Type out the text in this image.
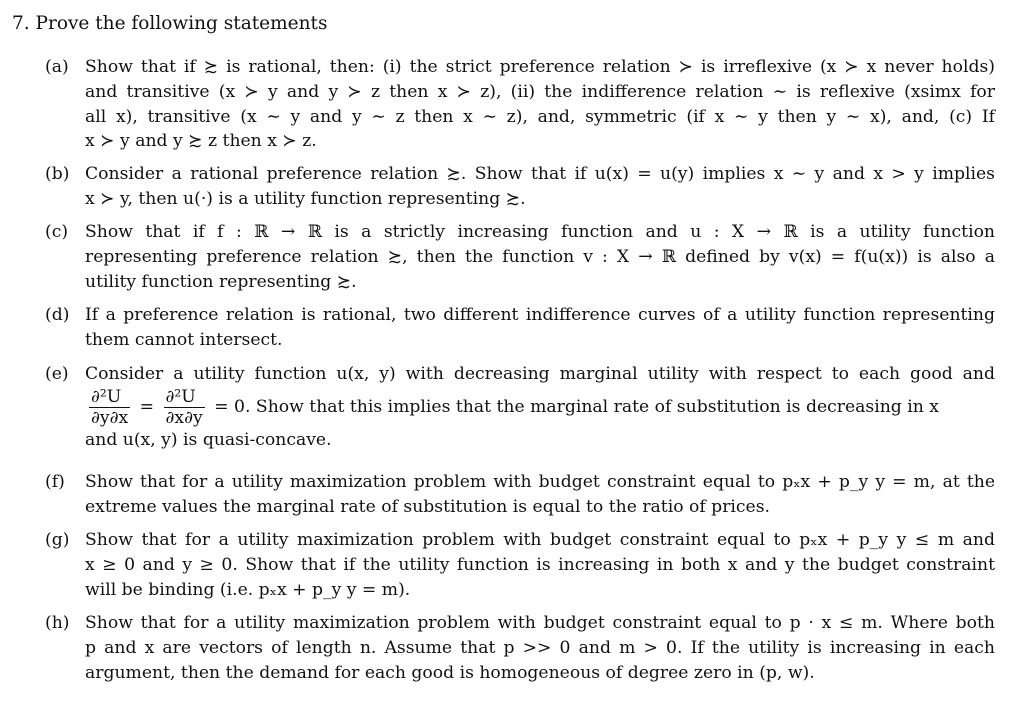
7. Prove the following statements
(a) Show that if ≿ is rational, then: (i) the strict preference relation ≻ is irreflexive (x ≻ x never holds)
and transitive (x ≻ y and y ≻ z then x ≻ z), (ii) the indifference relation ∼ is reflexive (xsimx for
all x), transitive (x ∼ y and y ∼ z then x ∼ z), and, symmetric (if x ∼ y then y ∼ x), and, (c) If
x ≻ y and y ≿ z then x ≻ z.
(b) Consider a rational preference relation ≿. Show that if u(x) = u(y) implies x ∼ y and x > y implies
x ≻ y, then u(·) is a utility function representing ≿.
(c) Show that if f : ℝ → ℝ is a strictly increasing function and u : X → ℝ is a utility function
representing preference relation ≿, then the function v : X → ℝ defined by v(x) = f(u(x)) is also a
utility function representing ≿.
(d) If a preference relation is rational, two different indifference curves of a utility function representing
them cannot intersect.
(e) Consider a utility function u(x, y) with decreasing marginal utility with respect to each good and
$\frac{\text{∂²U}}{\partial y\partial x} = \frac{\text{∂²U}}{\partial x\partial y} = 0$. Show that this implies that the marginal rate of substitution is decreasing in x
and u(x, y) is quasi-concave.
(f) Show that for a utility maximization problem with budget constraint equal to pₓx + p_y y = m, at the
extreme values the marginal rate of substitution is equal to the ratio of prices.
(g) Show that for a utility maximization problem with budget constraint equal to pₓx + p_y y ≤ m and
x ≥ 0 and y ≥ 0. Show that if the utility function is increasing in both x and y the budget constraint
will be binding (i.e. pₓx + p_y y = m).
(h) Show that for a utility maximization problem with budget constraint equal to p · x ≤ m. Where both
p and x are vectors of length n. Assume that p >> 0 and m > 0. If the utility is increasing in each
argument, then the demand for each good is homogeneous of degree zero in (p, w).
